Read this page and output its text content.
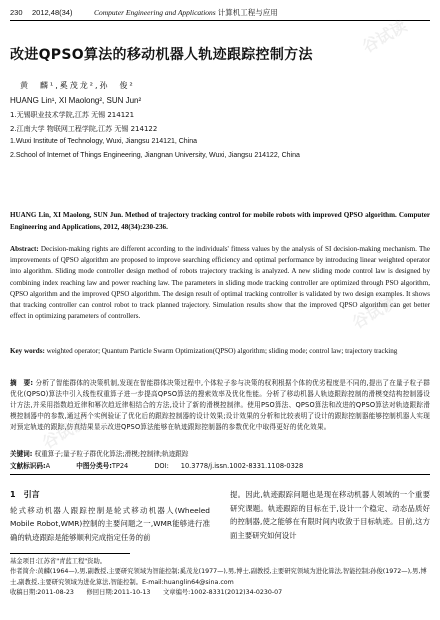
230	2012,48(34)	Computer Engineering and Applications 计算机工程与应用
改进QPSO算法的移动机器人轨迹跟踪控制方法
黄　麟¹,奚茂龙²,孙　俊²
HUANG Lin¹, XI Maolong², SUN Jun²
1.无锡职业技术学院,江苏 无锡 214121
2.江南大学 物联网工程学院,江苏 无锡 214122
1.Wuxi Institute of Technology, Wuxi, Jiangsu 214121, China
2.School of Internet of Things Engineering, Jiangnan University, Wuxi, Jiangsu 214122, China
HUANG Lin, XI Maolong, SUN Jun. Method of trajectory tracking control for mobile robots with improved QPSO algorithm. Computer Engineering and Applications, 2012, 48(34):230-236.
Abstract: Decision-making rights are different according to the individuals' fitness values by the analysis of SI decision-making mechanism. The improvements of QPSO algorithm are proposed to improve searching efficiency and optimal performance by introducing linear weighted operator into algorithm. Sliding mode controller design method of robots trajectory tracking is analyzed. A new sliding mode control law is designed by combining index reaching law and power reaching law. The parameters in sliding mode tracking controller are optimized through PSO algorithm, QPSO algorithm and the improved QPSO algorithm. The design result of optimal tracking controller is validated by two design examples. It shows that tracking controller can control robot to track planned trajectory. Simulation results show that the improved QPSO algorithm can get better effect in optimizing parameters of controllers.
Key words: weighted operator; Quantum Particle Swarm Optimization(QPSO) algorithm; sliding mode; control law; trajectory tracking
摘　要: 分析了智能群体的决策机制,发现在智能群体决策过程中,个体粒子参与决策的权利根据个体的优劣程度是不同的,提出了在量子粒子群优化(QPSO)算法中引入线性权重算子进一步提高QPSO算法的搜索效率及优化性能。分析了移动机器人轨迹跟踪控制的滑模变结构控制器设计方法,并采用指数趋近律和幂次趋近律相结合的方法,设计了新的滑模控制律。使用PSO算法、QPSO算法和改进的QPSO算法对轨迹跟踪滑模控制器中的参数,通过两个实例验证了优化后的跟踪控制器的设计效果;设计效果的分析和比较表明了设计的跟踪控制器能够控制机器人实现对预定轨迹的跟踪,仿真结果显示改进QPSO算法能够在轨迹跟踪控制器的参数优化中取得更好的优化效果。
关键词: 权重算子;量子粒子群优化算法;滑模;控制律;轨迹跟踪
文献标识码:A	中图分类号:TP24	DOI: 10.3778/j.issn.1002-8331.1108-0328
1　引言
轮式移动机器人跟踪控制是轮式移动机器人(Wheeled Mobile Robot,WMR)控制的主要问题之一,WMR能够进行准确的轨迹跟踪是能够顺利完成指定任务的前
提。因此,轨迹跟踪问题也是现在移动机器人领域的一个重要研究课题。轨迹跟踪的目标在于,设计一个稳定、动态品质好的控制器,使之能够在有限时间内收敛于目标轨迹。目前,这方面主要研究如何设计
基金项目:江苏省"青蓝工程"资助。
作者简介:黄麟(1964—),男,副教授,主要研究领域为智能控制;奚茂龙(1977—),男,博士,副教授,主要研究领域为进化算法,智能控制;孙俊(1972—),男,博士,副教授,主要研究领域为进化算法,智能控制。E-mail:huanglin64@sina.com
收稿日期:2011-08-23　　修回日期:2011-10-13　　文章编号:1002-8331(2012)34-0230-07
谷试读
谷试读
谷试读
